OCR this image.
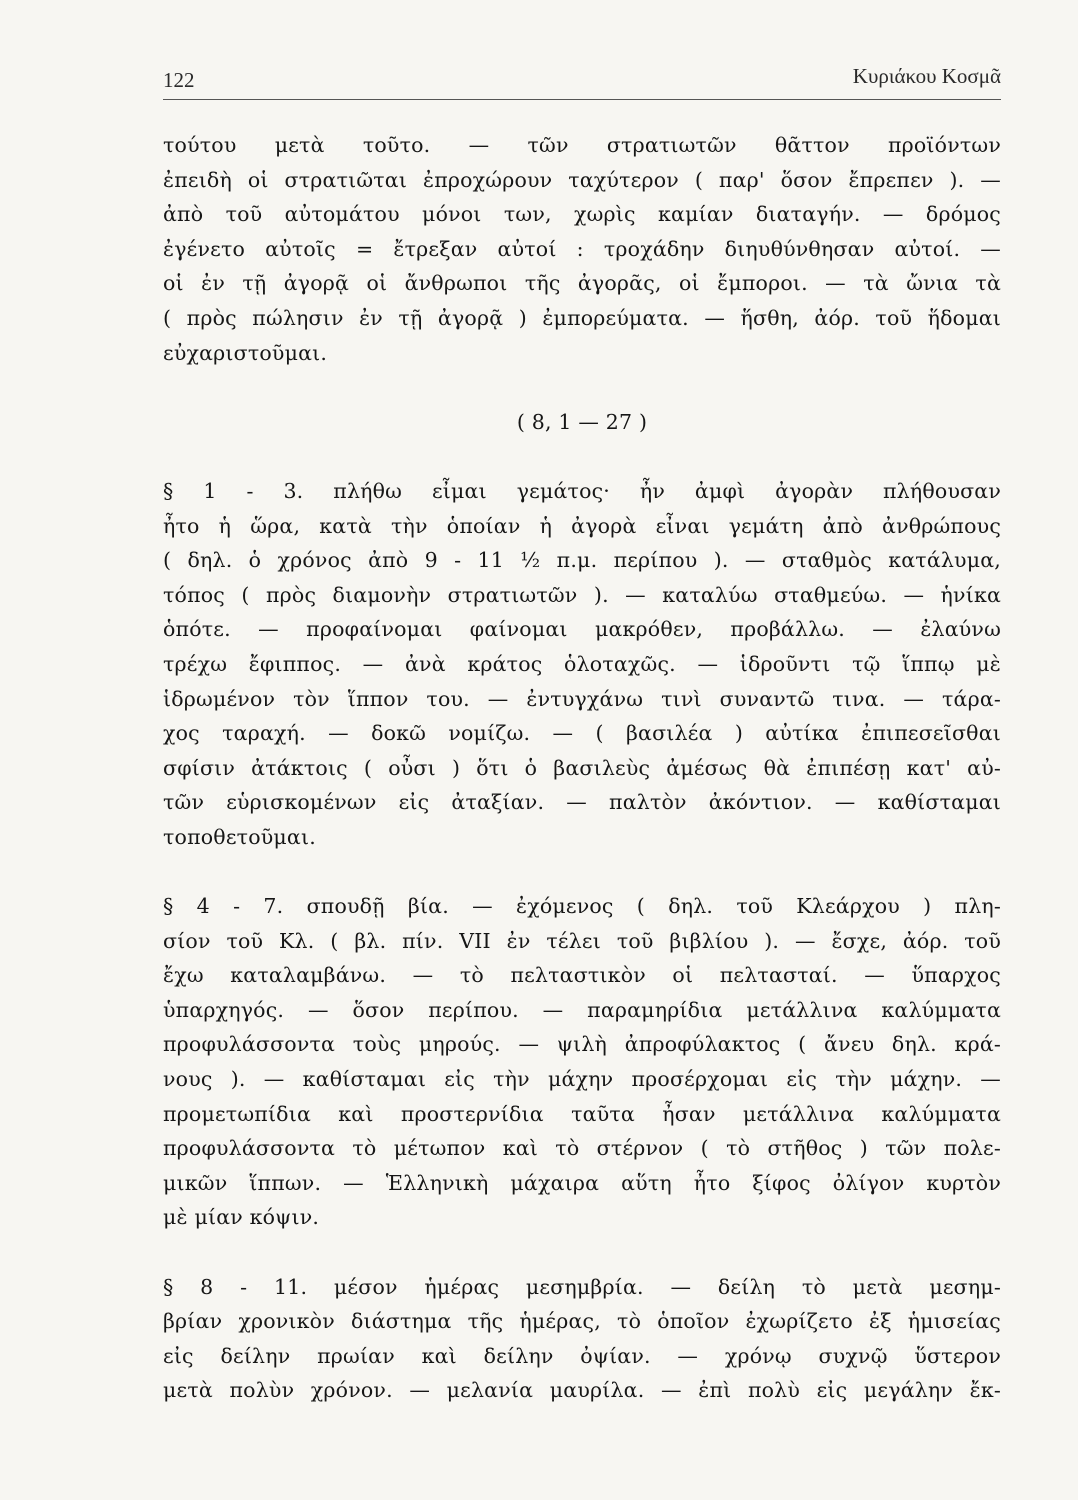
122	Κυριάκου Κοσμᾶ
τούτου μετὰ τοῦτο. — τῶν στρατιωτῶν θᾶττον προϊόντων
ἐπειδὴ οἱ στρατιῶται ἐπροχώρουν ταχύτερον ( παρ' ὅσον ἔπρεπεν ). —
ἀπὸ τοῦ αὐτομάτου μόνοι των, χωρὶς καμίαν διαταγήν. — δρόμος
ἐγένετο αὐτοῖς = ἔτρεξαν αὐτοί : τροχάδην διηυθύνθησαν αὐτοί. —
οἱ ἐν τῇ ἀγορᾷ οἱ ἄνθρωποι τῆς ἀγορᾶς, οἱ ἔμποροι. — τὰ ὤνια τὰ
( πρὸς πώλησιν ἐν τῇ ἀγορᾷ ) ἐμπορεύματα. — ἥσθη, ἀόρ. τοῦ ἥδομαι
εὐχαριστοῦμαι.
( 8, 1 — 27 )
§ 1 - 3. πλήθω εἶμαι γεμάτος· ἦν ἀμφὶ ἀγορὰν πλήθουσαν
ἦτο ἡ ὥρα, κατὰ τὴν ὁποίαν ἡ ἀγορὰ εἶναι γεμάτη ἀπὸ ἀνθρώπους
( δηλ. ὁ χρόνος ἀπὸ 9 - 11 ½ π.μ. περίπου ). — σταθμὸς κατάλυμα,
τόπος ( πρὸς διαμονὴν στρατιωτῶν ). — καταλύω σταθμεύω. — ἡνίκα
ὁπότε. — προφαίνομαι φαίνομαι μακρόθεν, προβάλλω. — ἐλαύνω
τρέχω ἔφιππος. — ἀνὰ κράτος ὁλοταχῶς. — ἱδροῦντι τῷ ἵππῳ μὲ
ἱδρωμένον τὸν ἵππον του. — ἐντυγχάνω τινὶ συναντῶ τινα. — τάρα-
χος ταραχή. — δοκῶ νομίζω. — ( βασιλέα ) αὐτίκα ἐπιπεσεῖσθαι
σφίσιν ἀτάκτοις ( οὖσι ) ὅτι ὁ βασιλεὺς ἀμέσως θὰ ἐπιπέσῃ κατ' αὐ-
τῶν εὑρισκομένων εἰς ἀταξίαν. — παλτὸν ἀκόντιον. — καθίσταμαι
τοποθετοῦμαι.
§ 4 - 7. σπουδῇ βία. — ἐχόμενος ( δηλ. τοῦ Κλεάρχου ) πλη-
σίον τοῦ Κλ. ( βλ. πίν. VII ἐν τέλει τοῦ βιβλίου ). — ἔσχε, ἀόρ. τοῦ
ἔχω καταλαμβάνω. — τὸ πελταστικὸν οἱ πελτασταί. — ὕπαρχος
ὑπαρχηγός. — ὅσον περίπου. — παραμηρίδια μετάλλινα καλύμματα
προφυλάσσοντα τοὺς μηρούς. — ψιλὴ ἀπροφύλακτος ( ἄνευ δηλ. κρά-
νους ). — καθίσταμαι εἰς τὴν μάχην προσέρχομαι εἰς τὴν μάχην. —
προμετωπίδια καὶ προστερνίδια ταῦτα ἦσαν μετάλλινα καλύμματα
προφυλάσσοντα τὸ μέτωπον καὶ τὸ στέρνον ( τὸ στῆθος ) τῶν πολε-
μικῶν ἵππων. — Ἑλληνικὴ μάχαιρα αὕτη ἦτο ξίφος ὀλίγον κυρτὸν
μὲ μίαν κόψιν.
§ 8 - 11. μέσον ἡμέρας μεσημβρία. — δείλη τὸ μετὰ μεσημ-
βρίαν χρονικὸν διάστημα τῆς ἡμέρας, τὸ ὁποῖον ἐχωρίζετο ἐξ ἡμισείας
εἰς δείλην πρωίαν καὶ δείλην ὀψίαν. — χρόνῳ συχνῷ ὕστερον
μετὰ πολὺν χρόνον. — μελανία μαυρίλα. — ἐπὶ πολὺ εἰς μεγάλην ἔκ-
